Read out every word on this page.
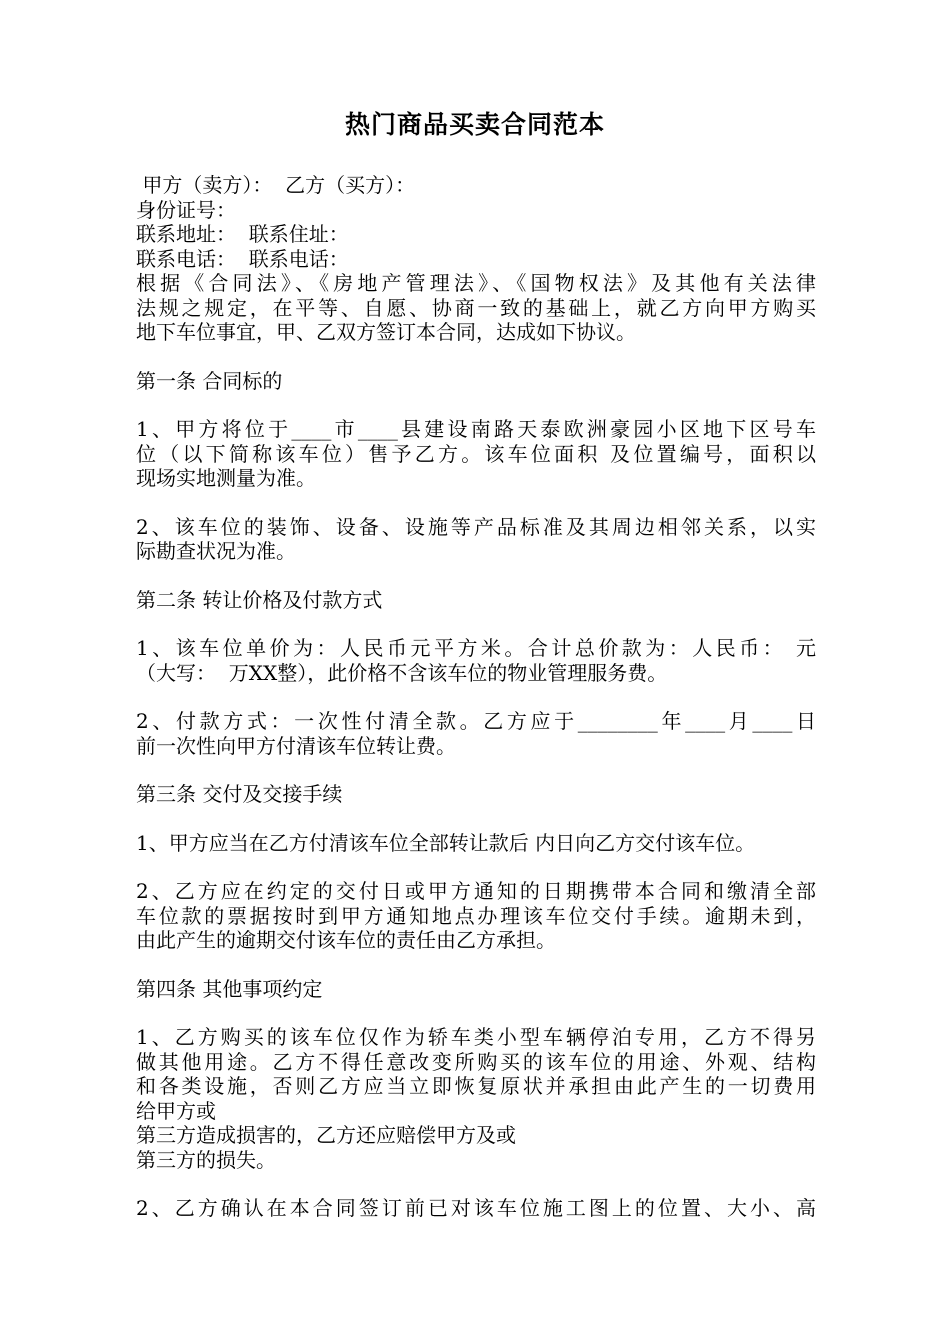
热门商品买卖合同范本
甲方（卖方）：  乙方（买方）：
身份证号：
联系地址：  联系住址：
联系电话：  联系电话：
根据《合同法》、《房地产管理法》、《国物权法》及其他有关法律
法规之规定，在平等、自愿、协商一致的基础上，就乙方向甲方购买
地下车位事宜，甲、乙双方签订本合同，达成如下协议。
第一条 合同标的
1、甲方将位于____市____县建设南路天泰欧洲豪园小区地下区号车
位（以下简称该车位）售予乙方。该车位面积 及位置编号，面积以
现场实地测量为准。
2、该车位的装饰、设备、设施等产品标准及其周边相邻关系，以实
际勘查状况为准。
第二条 转让价格及付款方式
1、该车位单价为：人民币元平方米。合计总价款为：人民币： 元
（大写：  万XX整），此价格不含该车位的物业管理服务费。
2、付款方式：一次性付清全款。乙方应于________年____月____日
前一次性向甲方付清该车位转让费。
第三条 交付及交接手续
1、甲方应当在乙方付清该车位全部转让款后 内日向乙方交付该车位。
2、乙方应在约定的交付日或甲方通知的日期携带本合同和缴清全部
车位款的票据按时到甲方通知地点办理该车位交付手续。逾期未到，
由此产生的逾期交付该车位的责任由乙方承担。
第四条 其他事项约定
1、乙方购买的该车位仅作为轿车类小型车辆停泊专用，乙方不得另
做其他用途。乙方不得任意改变所购买的该车位的用途、外观、结构
和各类设施，否则乙方应当立即恢复原状并承担由此产生的一切费用
给甲方或
第三方造成损害的，乙方还应赔偿甲方及或
第三方的损失。
2、乙方确认在本合同签订前已对该车位施工图上的位置、大小、高
